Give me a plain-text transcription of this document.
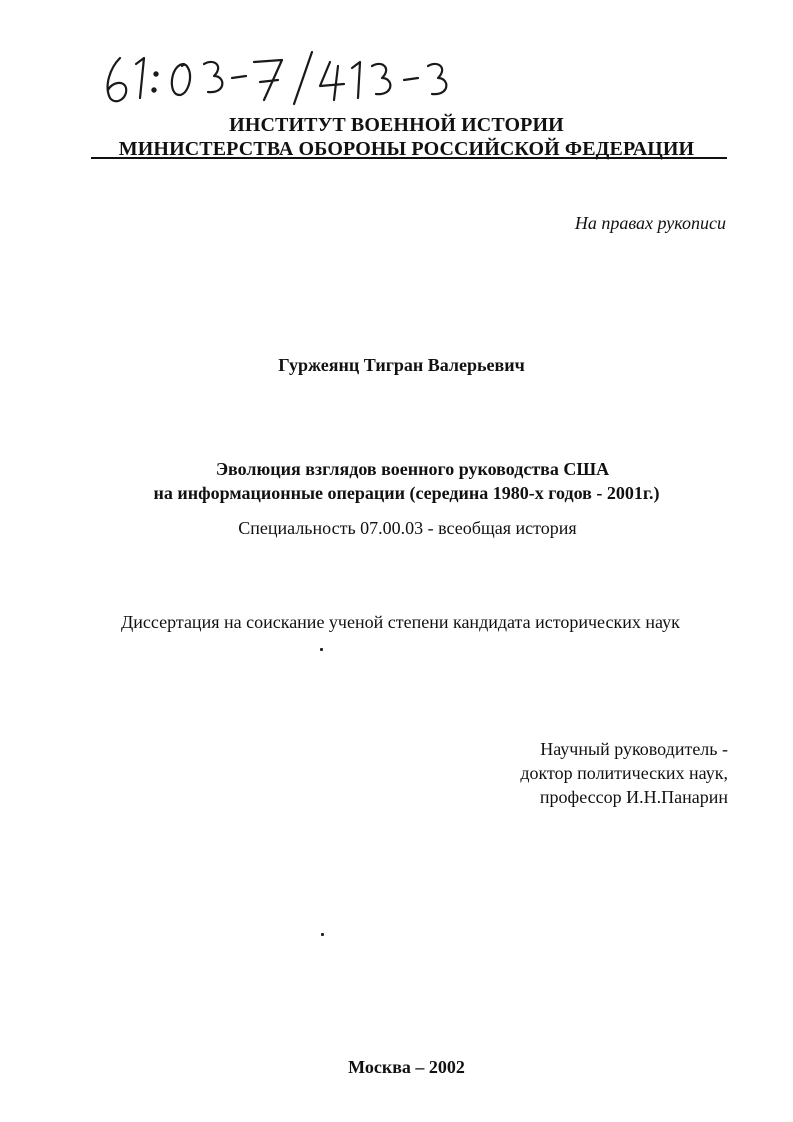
ИНСТИТУТ ВОЕННОЙ ИСТОРИИ
МИНИСТЕРСТВА ОБОРОНЫ РОССИЙСКОЙ ФЕДЕРАЦИИ
На правах рукописи
Гуржеянц Тигран Валерьевич
Эволюция взглядов военного руководства США
на информационные операции (середина 1980-х годов - 2001г.)
Специальность 07.00.03 - всеобщая история
Диссертация на соискание ученой степени кандидата исторических наук
Научный руководитель -
доктор политических наук,
профессор И.Н.Панарин
Москва – 2002
